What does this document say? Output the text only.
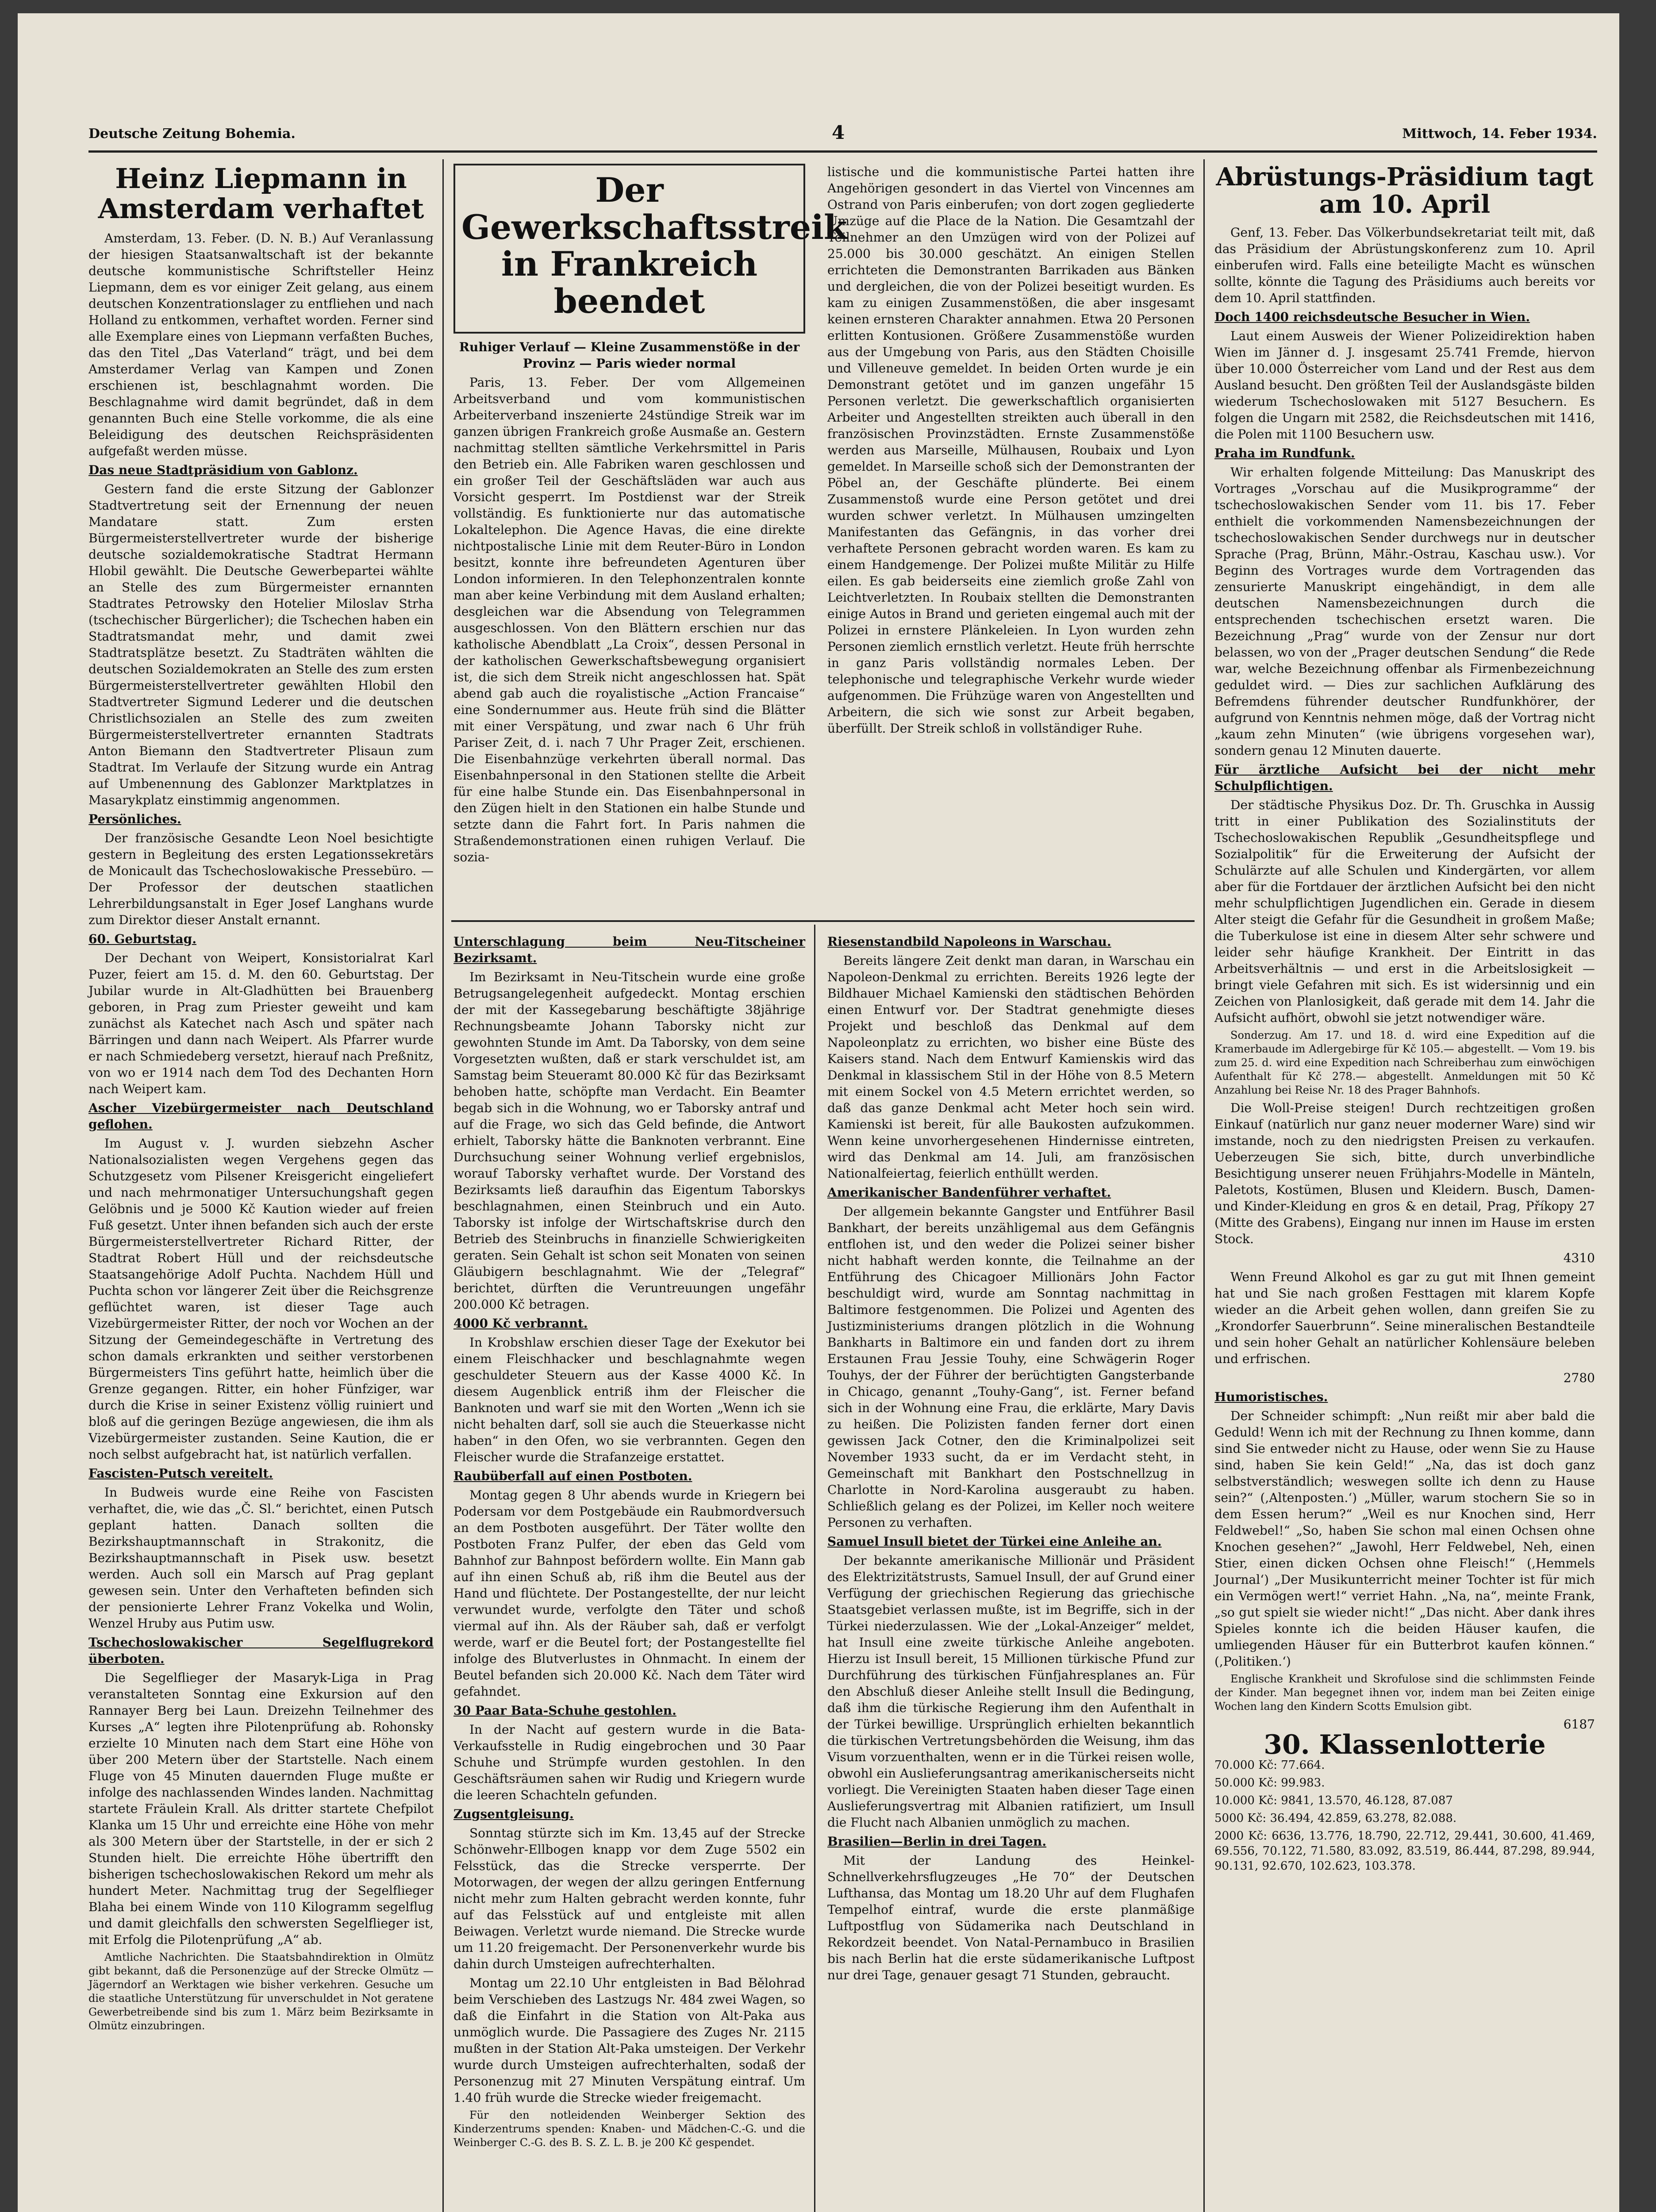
Deutsche Zeitung Bohemia.	4	Mittwoch, 14. Feber 1934.
Heinz Liepmann in Amsterdam verhaftet

Amsterdam, 13. Feber. (D. N. B.) Auf Veranlassung der hiesigen Staatsanwaltschaft ist der bekannte deutsche kommunistische Schriftsteller Heinz Liepmann, dem es vor einiger Zeit gelang, aus einem deutschen Konzentrationslager zu entfliehen und nach Holland zu entkommen, verhaftet worden. Ferner sind alle Exemplare eines von Liepmann verfaßten Buches, das den Titel „Das Vaterland“ trägt, und bei dem Amsterdamer Verlag van Kampen und Zonen erschienen ist, beschlagnahmt worden. Die Beschlagnahme wird damit begründet, daß in dem genannten Buch eine Stelle vorkomme, die als eine Beleidigung des deutschen Reichspräsidenten aufgefaßt werden müsse.

Das neue Stadtpräsidium von Gablonz.

Gestern fand die erste Sitzung der Gablonzer Stadtvertretung seit der Ernennung der neuen Mandatare statt. Zum ersten Bürgermeisterstellvertreter wurde der bisherige deutsche sozialdemokratische Stadtrat Hermann Hlobil gewählt. Die Deutsche Gewerbepartei wählte an Stelle des zum Bürgermeister ernannten Stadtrates Petrowsky den Hotelier Miloslav Strha (tschechischer Bürgerlicher); die Tschechen haben ein Stadtratsmandat mehr, und damit zwei Stadtratsplätze besetzt. Zu Stadträten wählten die deutschen Sozialdemokraten an Stelle des zum ersten Bürgermeisterstellvertreter gewählten Hlobil den Stadtvertreter Sigmund Lederer und die deutschen Christlichsozialen an Stelle des zum zweiten Bürgermeisterstellvertreter ernannten Stadtrats Anton Biemann den Stadtvertreter Plisaun zum Stadtrat. Im Verlaufe der Sitzung wurde ein Antrag auf Umbenennung des Gablonzer Marktplatzes in Masarykplatz einstimmig angenommen.

Persönliches.

Der französische Gesandte Leon Noel besichtigte gestern in Begleitung des ersten Legationssekretärs de Monicault das Tschechoslowakische Pressebüro. — Der Professor der deutschen staatlichen Lehrerbildungsanstalt in Eger Josef Langhans wurde zum Direktor dieser Anstalt ernannt.

60. Geburtstag.

Der Dechant von Weipert, Konsistorialrat Karl Puzer, feiert am 15. d. M. den 60. Geburtstag. Der Jubilar wurde in Alt-Gladhütten bei Brauenberg geboren, in Prag zum Priester geweiht und kam zunächst als Katechet nach Asch und später nach Bärringen und dann nach Weipert. Als Pfarrer wurde er nach Schmiedeberg versetzt, hierauf nach Preßnitz, von wo er 1914 nach dem Tod des Dechanten Horn nach Weipert kam.

Ascher Vizebürgermeister nach Deutschland geflohen.

Im August v. J. wurden siebzehn Ascher Nationalsozialisten wegen Vergehens gegen das Schutzgesetz vom Pilsener Kreisgericht eingeliefert und nach mehrmonatiger Untersuchungshaft gegen Gelöbnis und je 5000 Kč Kaution wieder auf freien Fuß gesetzt. Unter ihnen befanden sich auch der erste Bürgermeisterstellvertreter Richard Ritter, der Stadtrat Robert Hüll und der reichsdeutsche Staatsangehörige Adolf Puchta. Nachdem Hüll und Puchta schon vor längerer Zeit über die Reichsgrenze geflüchtet waren, ist dieser Tage auch Vizebürgermeister Ritter, der noch vor Wochen an der Sitzung der Gemeindegeschäfte in Vertretung des schon damals erkrankten und seither verstorbenen Bürgermeisters Tins geführt hatte, heimlich über die Grenze gegangen. Ritter, ein hoher Fünfziger, war durch die Krise in seiner Existenz völlig ruiniert und bloß auf die geringen Bezüge angewiesen, die ihm als Vizebürgermeister zustanden. Seine Kaution, die er noch selbst aufgebracht hat, ist natürlich verfallen.

Fascisten-Putsch vereitelt.

In Budweis wurde eine Reihe von Fascisten verhaftet, die, wie das „Č. Sl.“ berichtet, einen Putsch geplant hatten. Danach sollten die Bezirkshauptmannschaft in Strakonitz, die Bezirkshauptmannschaft in Pisek usw. besetzt werden. Auch soll ein Marsch auf Prag geplant gewesen sein. Unter den Verhafteten befinden sich der pensionierte Lehrer Franz Vokelka und Wolin, Wenzel Hruby aus Putim usw.

Tschechoslowakischer Segelflugrekord überboten.

Die Segelflieger der Masaryk-Liga in Prag veranstalteten Sonntag eine Exkursion auf den Rannayer Berg bei Laun. Dreizehn Teilnehmer des Kurses „A“ legten ihre Pilotenprüfung ab. Rohonsky erzielte 10 Minuten nach dem Start eine Höhe von über 200 Metern über der Startstelle. Nach einem Fluge von 45 Minuten dauernden Fluge mußte er infolge des nachlassenden Windes landen. Nachmittag startete Fräulein Krall. Als dritter startete Chefpilot Klanka um 15 Uhr und erreichte eine Höhe von mehr als 300 Metern über der Startstelle, in der er sich 2 Stunden hielt. Die erreichte Höhe übertrifft den bisherigen tschechoslowakischen Rekord um mehr als hundert Meter. Nachmittag trug der Segelflieger Blaha bei einem Winde von 110 Kilogramm segelflug und damit gleichfalls den schwersten Segelflieger ist, mit Erfolg die Pilotenprüfung „A“ ab.

Amtliche Nachrichten. Die Staatsbahndirektion in Olmütz gibt bekannt, daß die Personenzüge auf der Strecke Olmütz — Jägerndorf an Werktagen wie bisher verkehren. Gesuche um die staatliche Unterstützung für unverschuldet in Not geratene Gewerbetreibende sind bis zum 1. März beim Bezirksamte in Olmütz einzubringen.

Der Gewerkschaftsstreik in Frankreich beendet

Ruhiger Verlauf — Kleine Zusammenstöße in der Provinz — Paris wieder normal

Paris, 13. Feber. Der vom Allgemeinen Arbeitsverband und vom kommunistischen Arbeiterverband inszenierte 24stündige Streik war im ganzen übrigen Frankreich große Ausmaße an. Gestern nachmittag stellten sämtliche Verkehrsmittel in Paris den Betrieb ein. Alle Fabriken waren geschlossen und ein großer Teil der Geschäftsläden war auch aus Vorsicht gesperrt. Im Postdienst war der Streik vollständig. Es funktionierte nur das automatische Lokaltelephon. Die Agence Havas, die eine direkte nichtpostalische Linie mit dem Reuter-Büro in London besitzt, konnte ihre befreundeten Agenturen über London informieren. In den Telephonzentralen konnte man aber keine Verbindung mit dem Ausland erhalten; desgleichen war die Absendung von Telegrammen ausgeschlossen. Von den Blättern erschien nur das katholische Abendblatt „La Croix“, dessen Personal in der katholischen Gewerkschaftsbewegung organisiert ist, die sich dem Streik nicht angeschlossen hat. Spät abend gab auch die royalistische „Action Francaise“ eine Sondernummer aus. Heute früh sind die Blätter mit einer Verspätung, und zwar nach 6 Uhr früh Pariser Zeit, d. i. nach 7 Uhr Prager Zeit, erschienen. Die Eisenbahnzüge verkehrten überall normal. Das Eisenbahnpersonal in den Stationen stellte die Arbeit für eine halbe Stunde ein. Das Eisenbahnpersonal in den Zügen hielt in den Stationen ein halbe Stunde und setzte dann die Fahrt fort. In Paris nahmen die Straßendemonstrationen einen ruhigen Verlauf. Die sozia-

listische und die kommunistische Partei hatten ihre Angehörigen gesondert in das Viertel von Vincennes am Ostrand von Paris einberufen; von dort zogen gegliederte Umzüge auf die Place de la Nation. Die Gesamtzahl der Teilnehmer an den Umzügen wird von der Polizei auf 25.000 bis 30.000 geschätzt. An einigen Stellen errichteten die Demonstranten Barrikaden aus Bänken und dergleichen, die von der Polizei beseitigt wurden. Es kam zu einigen Zusammenstößen, die aber insgesamt keinen ernsteren Charakter annahmen. Etwa 20 Personen erlitten Kontusionen. Größere Zusammenstöße wurden aus der Umgebung von Paris, aus den Städten Choisille und Villeneuve gemeldet. In beiden Orten wurde je ein Demonstrant getötet und im ganzen ungefähr 15 Personen verletzt. Die gewerkschaftlich organisierten Arbeiter und Angestellten streikten auch überall in den französischen Provinzstädten. Ernste Zusammenstöße werden aus Marseille, Mülhausen, Roubaix und Lyon gemeldet. In Marseille schoß sich der Demonstranten der Pöbel an, der Geschäfte plünderte. Bei einem Zusammenstoß wurde eine Person getötet und drei wurden schwer verletzt. In Mülhausen umzingelten Manifestanten das Gefängnis, in das vorher drei verhaftete Personen gebracht worden waren. Es kam zu einem Handgemenge. Der Polizei mußte Militär zu Hilfe eilen. Es gab beiderseits eine ziemlich große Zahl von Leichtverletzten. In Roubaix stellten die Demonstranten einige Autos in Brand und gerieten eingemal auch mit der Polizei in ernstere Plänkeleien. In Lyon wurden zehn Personen ziemlich ernstlich verletzt. Heute früh herrschte in ganz Paris vollständig normales Leben. Der telephonische und telegraphische Verkehr wurde wieder aufgenommen. Die Frühzüge waren von Angestellten und Arbeitern, die sich wie sonst zur Arbeit begaben, überfüllt. Der Streik schloß in vollständiger Ruhe.

Unterschlagung beim Neu-Titscheiner Bezirksamt.

Im Bezirksamt in Neu-Titschein wurde eine große Betrugsangelegenheit aufgedeckt. Montag erschien der mit der Kassegebarung beschäftigte 38jährige Rechnungsbeamte Johann Taborsky nicht zur gewohnten Stunde im Amt. Da Taborsky, von dem seine Vorgesetzten wußten, daß er stark verschuldet ist, am Samstag beim Steueramt 80.000 Kč für das Bezirksamt behoben hatte, schöpfte man Verdacht. Ein Beamter begab sich in die Wohnung, wo er Taborsky antraf und auf die Frage, wo sich das Geld befinde, die Antwort erhielt, Taborsky hätte die Banknoten verbrannt. Eine Durchsuchung seiner Wohnung verlief ergebnislos, worauf Taborsky verhaftet wurde. Der Vorstand des Bezirksamts ließ daraufhin das Eigentum Taborskys beschlagnahmen, einen Steinbruch und ein Auto. Taborsky ist infolge der Wirtschaftskrise durch den Betrieb des Steinbruchs in finanzielle Schwierigkeiten geraten. Sein Gehalt ist schon seit Monaten von seinen Gläubigern beschlagnahmt. Wie der „Telegraf“ berichtet, dürften die Veruntreuungen ungefähr 200.000 Kč betragen.

4000 Kč verbrannt.

In Krobshlaw erschien dieser Tage der Exekutor bei einem Fleischhacker und beschlagnahmte wegen geschuldeter Steuern aus der Kasse 4000 Kč. In diesem Augenblick entriß ihm der Fleischer die Banknoten und warf sie mit den Worten „Wenn ich sie nicht behalten darf, soll sie auch die Steuerkasse nicht haben“ in den Ofen, wo sie verbrannten. Gegen den Fleischer wurde die Strafanzeige erstattet.

Raubüberfall auf einen Postboten.

Montag gegen 8 Uhr abends wurde in Kriegern bei Podersam vor dem Postgebäude ein Raubmordversuch an dem Postboten ausgeführt. Der Täter wollte den Postboten Franz Pulfer, der eben das Geld vom Bahnhof zur Bahnpost befördern wollte. Ein Mann gab auf ihn einen Schuß ab, riß ihm die Beutel aus der Hand und flüchtete. Der Postangestellte, der nur leicht verwundet wurde, verfolgte den Täter und schoß viermal auf ihn. Als der Räuber sah, daß er verfolgt werde, warf er die Beutel fort; der Postangestellte fiel infolge des Blutverlustes in Ohnmacht. In einem der Beutel befanden sich 20.000 Kč. Nach dem Täter wird gefahndet.

30 Paar Bata-Schuhe gestohlen.

In der Nacht auf gestern wurde in die Bata-Verkaufsstelle in Rudig eingebrochen und 30 Paar Schuhe und Strümpfe wurden gestohlen. In den Geschäftsräumen sahen wir Rudig und Kriegern wurde die leeren Schachteln gefunden.

Zugsentgleisung.

Sonntag stürzte sich im Km. 13,45 auf der Strecke Schönwehr-Ellbogen knapp vor dem Zuge 5502 ein Felsstück, das die Strecke versperrte. Der Motorwagen, der wegen der allzu geringen Entfernung nicht mehr zum Halten gebracht werden konnte, fuhr auf das Felsstück auf und entgleiste mit allen Beiwagen. Verletzt wurde niemand. Die Strecke wurde um 11.20 freigemacht. Der Personenverkehr wurde bis dahin durch Umsteigen aufrechterhalten.

Montag um 22.10 Uhr entgleisten in Bad Bělohrad beim Verschieben des Lastzugs Nr. 484 zwei Wagen, so daß die Einfahrt in die Station von Alt-Paka aus unmöglich wurde. Die Passagiere des Zuges Nr. 2115 mußten in der Station Alt-Paka umsteigen. Der Verkehr wurde durch Umsteigen aufrechterhalten, sodaß der Personenzug mit 27 Minuten Verspätung eintraf. Um 1.40 früh wurde die Strecke wieder freigemacht.

Für den notleidenden Weinberger Sektion des Kinderzentrums spenden: Knaben- und Mädchen-C.-G. und die Weinberger C.-G. des B. S. Z. L. B. je 200 Kč gespendet.

Riesenstandbild Napoleons in Warschau.

Bereits längere Zeit denkt man daran, in Warschau ein Napoleon-Denkmal zu errichten. Bereits 1926 legte der Bildhauer Michael Kamienski den städtischen Behörden einen Entwurf vor. Der Stadtrat genehmigte dieses Projekt und beschloß das Denkmal auf dem Napoleonplatz zu errichten, wo bisher eine Büste des Kaisers stand. Nach dem Entwurf Kamienskis wird das Denkmal in klassischem Stil in der Höhe von 8.5 Metern mit einem Sockel von 4.5 Metern errichtet werden, so daß das ganze Denkmal acht Meter hoch sein wird. Kamienski ist bereit, für alle Baukosten aufzukommen. Wenn keine unvorhergesehenen Hindernisse eintreten, wird das Denkmal am 14. Juli, am französischen Nationalfeiertag, feierlich enthüllt werden.

Amerikanischer Bandenführer verhaftet.

Der allgemein bekannte Gangster und Entführer Basil Bankhart, der bereits unzähligemal aus dem Gefängnis entflohen ist, und den weder die Polizei seiner bisher nicht habhaft werden konnte, die Teilnahme an der Entführung des Chicagoer Millionärs John Factor beschuldigt wird, wurde am Sonntag nachmittag in Baltimore festgenommen. Die Polizei und Agenten des Justizministeriums drangen plötzlich in die Wohnung Bankharts in Baltimore ein und fanden dort zu ihrem Erstaunen Frau Jessie Touhy, eine Schwägerin Roger Touhys, der der Führer der berüchtigten Gangsterbande in Chicago, genannt „Touhy-Gang“, ist. Ferner befand sich in der Wohnung eine Frau, die erklärte, Mary Davis zu heißen. Die Polizisten fanden ferner dort einen gewissen Jack Cotner, den die Kriminalpolizei seit November 1933 sucht, da er im Verdacht steht, in Gemeinschaft mit Bankhart den Postschnellzug in Charlotte in Nord-Karolina ausgeraubt zu haben. Schließlich gelang es der Polizei, im Keller noch weitere Personen zu verhaften.

Samuel Insull bietet der Türkei eine Anleihe an.

Der bekannte amerikanische Millionär und Präsident des Elektrizitätstrusts, Samuel Insull, der auf Grund einer Verfügung der griechischen Regierung das griechische Staatsgebiet verlassen mußte, ist im Begriffe, sich in der Türkei niederzulassen. Wie der „Lokal-Anzeiger“ meldet, hat Insull eine zweite türkische Anleihe angeboten. Hierzu ist Insull bereit, 15 Millionen türkische Pfund zur Durchführung des türkischen Fünfjahresplanes an. Für den Abschluß dieser Anleihe stellt Insull die Bedingung, daß ihm die türkische Regierung ihm den Aufenthalt in der Türkei bewillige. Ursprünglich erhielten bekanntlich die türkischen Vertretungsbehörden die Weisung, ihm das Visum vorzuenthalten, wenn er in die Türkei reisen wolle, obwohl ein Auslieferungsantrag amerikanischerseits nicht vorliegt. Die Vereinigten Staaten haben dieser Tage einen Auslieferungsvertrag mit Albanien ratifiziert, um Insull die Flucht nach Albanien unmöglich zu machen.

Brasilien—Berlin in drei Tagen.

Mit der Landung des Heinkel-Schnellverkehrsflugzeuges „He 70“ der Deutschen Lufthansa, das Montag um 18.20 Uhr auf dem Flughafen Tempelhof eintraf, wurde die erste planmäßige Luftpostflug von Südamerika nach Deutschland in Rekordzeit beendet. Von Natal-Pernambuco in Brasilien bis nach Berlin hat die erste südamerikanische Luftpost nur drei Tage, genauer gesagt 71 Stunden, gebraucht.

Abrüstungs-Präsidium tagt am 10. April

Genf, 13. Feber. Das Völkerbundsekretariat teilt mit, daß das Präsidium der Abrüstungskonferenz zum 10. April einberufen wird. Falls eine beteiligte Macht es wünschen sollte, könnte die Tagung des Präsidiums auch bereits vor dem 10. April stattfinden.

Doch 1400 reichsdeutsche Besucher in Wien.

Laut einem Ausweis der Wiener Polizeidirektion haben Wien im Jänner d. J. insgesamt 25.741 Fremde, hiervon über 10.000 Österreicher vom Land und der Rest aus dem Ausland besucht. Den größten Teil der Auslandsgäste bilden wiederum Tschechoslowaken mit 5127 Besuchern. Es folgen die Ungarn mit 2582, die Reichsdeutschen mit 1416, die Polen mit 1100 Besuchern usw.

Praha im Rundfunk.

Wir erhalten folgende Mitteilung: Das Manuskript des Vortrages „Vorschau auf die Musikprogramme“ der tschechoslowakischen Sender vom 11. bis 17. Feber enthielt die vorkommenden Namensbezeichnungen der tschechoslowakischen Sender durchwegs nur in deutscher Sprache (Prag, Brünn, Mähr.-Ostrau, Kaschau usw.). Vor Beginn des Vortrages wurde dem Vortragenden das zensurierte Manuskript eingehändigt, in dem alle deutschen Namensbezeichnungen durch die entsprechenden tschechischen ersetzt waren. Die Bezeichnung „Prag“ wurde von der Zensur nur dort belassen, wo von der „Prager deutschen Sendung“ die Rede war, welche Bezeichnung offenbar als Firmenbezeichnung geduldet wird. — Dies zur sachlichen Aufklärung des Befremdens führender deutscher Rundfunkhörer, der aufgrund von Kenntnis nehmen möge, daß der Vortrag nicht „kaum zehn Minuten“ (wie übrigens vorgesehen war), sondern genau 12 Minuten dauerte.

Für ärztliche Aufsicht bei der nicht mehr Schulpflichtigen.

Der städtische Physikus Doz. Dr. Th. Gruschka in Aussig tritt in einer Publikation des Sozialinstituts der Tschechoslowakischen Republik „Gesundheitspflege und Sozialpolitik“ für die Erweiterung der Aufsicht der Schulärzte auf alle Schulen und Kindergärten, vor allem aber für die Fortdauer der ärztlichen Aufsicht bei den nicht mehr schulpflichtigen Jugendlichen ein. Gerade in diesem Alter steigt die Gefahr für die Gesundheit in großem Maße; die Tuberkulose ist eine in diesem Alter sehr schwere und leider sehr häufige Krankheit. Der Eintritt in das Arbeitsverhältnis — und erst in die Arbeitslosigkeit — bringt viele Gefahren mit sich. Es ist widersinnig und ein Zeichen von Planlosigkeit, daß gerade mit dem 14. Jahr die Aufsicht aufhört, obwohl sie jetzt notwendiger wäre.

Sonderzug. Am 17. und 18. d. wird eine Expedition auf die Kramerbaude im Adlergebirge für Kč 105.— abgestellt. — Vom 19. bis zum 25. d. wird eine Expedition nach Schreiberhau zum einwöchigen Aufenthalt für Kč 278.— abgestellt. Anmeldungen mit 50 Kč Anzahlung bei Reise Nr. 18 des Prager Bahnhofs.

Die Woll-Preise steigen! Durch rechtzeitigen großen Einkauf (natürlich nur ganz neuer moderner Ware) sind wir imstande, noch zu den niedrigsten Preisen zu verkaufen. Ueberzeugen Sie sich, bitte, durch unverbindliche Besichtigung unserer neuen Frühjahrs-Modelle in Mänteln, Paletots, Kostümen, Blusen und Kleidern. Busch, Damen- und Kinder-Kleidung en gros & en detail, Prag, Příkopy 27 (Mitte des Grabens), Eingang nur innen im Hause im ersten Stock.

4310

Wenn Freund Alkohol es gar zu gut mit Ihnen gemeint hat und Sie nach großen Festtagen mit klarem Kopfe wieder an die Arbeit gehen wollen, dann greifen Sie zu „Krondorfer Sauerbrunn“. Seine mineralischen Bestandteile und sein hoher Gehalt an natürlicher Kohlensäure beleben und erfrischen.

2780

Humoristisches.

Der Schneider schimpft: „Nun reißt mir aber bald die Geduld! Wenn ich mit der Rechnung zu Ihnen komme, dann sind Sie entweder nicht zu Hause, oder wenn Sie zu Hause sind, haben Sie kein Geld!“ „Na, das ist doch ganz selbstverständlich; weswegen sollte ich denn zu Hause sein?“ (,Altenposten.‘) „Müller, warum stochern Sie so in dem Essen herum?“ „Weil es nur Knochen sind, Herr Feldwebel!“ „So, haben Sie schon mal einen Ochsen ohne Knochen gesehen?“ „Jawohl, Herr Feldwebel, Neh, einen Stier, einen dicken Ochsen ohne Fleisch!“ (,Hemmels Journal‘) „Der Musikunterricht meiner Tochter ist für mich ein Vermögen wert!“ verriet Hahn. „Na, na“, meinte Frank, „so gut spielt sie wieder nicht!“ „Das nicht. Aber dank ihres Spieles konnte ich die beiden Häuser kaufen, die umliegenden Häuser für ein Butterbrot kaufen können.“ (,Politiken.‘)

Englische Krankheit und Skrofulose sind die schlimmsten Feinde der Kinder. Man begegnet ihnen vor, indem man bei Zeiten einige Wochen lang den Kindern Scotts Emulsion gibt.

6187

30. Klassenlotterie

70.000 Kč: 77.664.

50.000 Kč: 99.983.

10.000 Kč: 9841, 13.570, 46.128, 87.087

5000 Kč: 36.494, 42.859, 63.278, 82.088.

2000 Kč: 6636, 13.776, 18.790, 22.712, 29.441, 30.600, 41.469, 69.556, 70.122, 71.580, 83.092, 83.519, 86.444, 87.298, 89.944, 90.131, 92.670, 102.623, 103.378.
